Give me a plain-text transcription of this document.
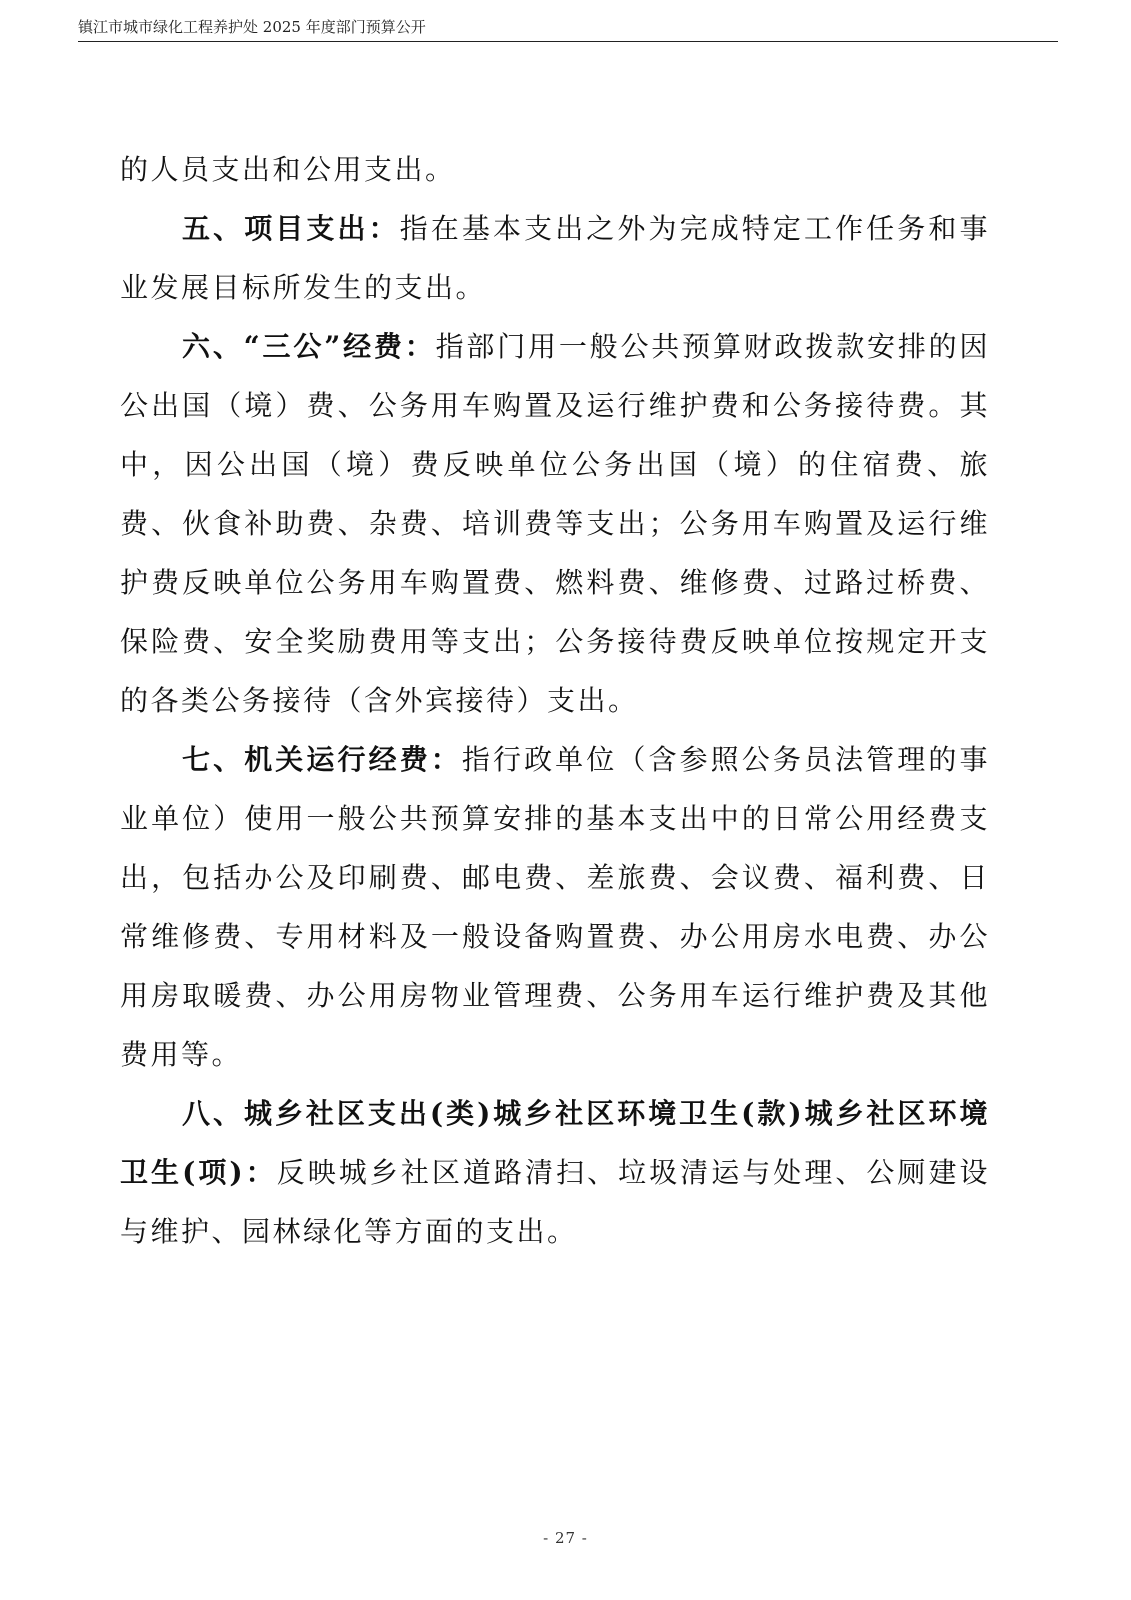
镇江市城市绿化工程养护处 2025 年度部门预算公开

的人员支出和公用支出。

五、项目支出：指在基本支出之外为完成特定工作任务和事业发展目标所发生的支出。

六、“三公”经费：指部门用一般公共预算财政拨款安排的因公出国（境）费、公务用车购置及运行维护费和公务接待费。其中，因公出国（境）费反映单位公务出国（境）的住宿费、旅费、伙食补助费、杂费、培训费等支出；公务用车购置及运行维护费反映单位公务用车购置费、燃料费、维修费、过路过桥费、保险费、安全奖励费用等支出；公务接待费反映单位按规定开支的各类公务接待（含外宾接待）支出。

七、机关运行经费：指行政单位（含参照公务员法管理的事业单位）使用一般公共预算安排的基本支出中的日常公用经费支出，包括办公及印刷费、邮电费、差旅费、会议费、福利费、日常维修费、专用材料及一般设备购置费、办公用房水电费、办公用房取暖费、办公用房物业管理费、公务用车运行维护费及其他费用等。

八、城乡社区支出(类)城乡社区环境卫生(款)城乡社区环境卫生(项)：反映城乡社区道路清扫、垃圾清运与处理、公厕建设与维护、园林绿化等方面的支出。

- 27 -
